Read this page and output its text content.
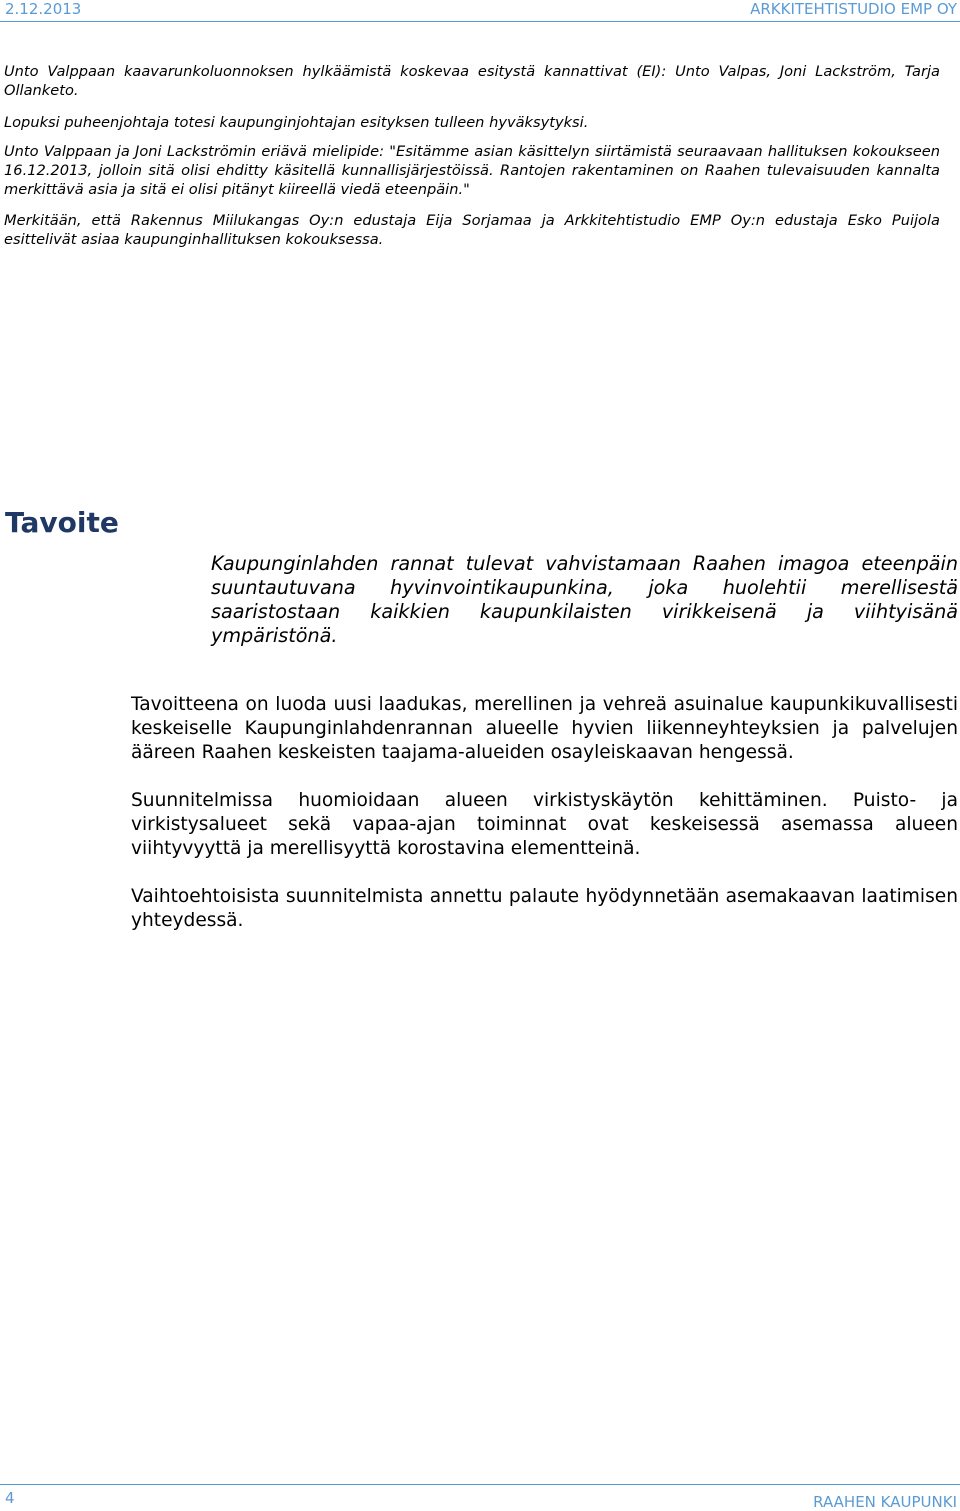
2.12.2013	ARKKITEHTISTUDIO EMP OY

Unto Valppaan kaavarunkoluonnoksen hylkäämistä koskevaa esitystä kannattivat (EI): Unto Valpas, Joni Lackström, Tarja Ollanketo.

Lopuksi puheenjohtaja totesi kaupunginjohtajan esityksen tulleen hyväksytyksi.

Unto Valppaan ja Joni Lackströmin eriävä mielipide: "Esitämme asian käsittelyn siirtämistä seuraavaan hallituksen kokoukseen 16.12.2013, jolloin sitä olisi ehditty käsitellä kunnallisjärjestöissä. Rantojen rakentaminen on Raahen tulevaisuuden kannalta merkittävä asia ja sitä ei olisi pitänyt kiireellä viedä eteenpäin."

Merkitään, että Rakennus Miilukangas Oy:n edustaja Eija Sorjamaa ja Arkkitehtistudio EMP Oy:n edustaja Esko Puijola esittelivät asiaa kaupunginhallituksen kokouksessa.

Tavoite

Kaupunginlahden rannat tulevat vahvistamaan Raahen imagoa eteenpäin suuntautuvana hyvinvointikaupunkina, joka huolehtii merellisestä saaristostaan kaikkien kaupunkilaisten virikkeisenä ja viihtyisänä ympäristönä.

Tavoitteena on luoda uusi laadukas, merellinen ja vehreä asuinalue kaupunkikuvallisesti keskeiselle Kaupunginlahdenrannan alueelle hyvien liikenneyhteyksien ja palvelujen ääreen Raahen keskeisten taajama-alueiden osayleiskaavan hengessä.

Suunnitelmissa huomioidaan alueen virkistyskäytön kehittäminen. Puisto- ja virkistysalueet sekä vapaa-ajan toiminnat ovat keskeisessä asemassa alueen viihtyvyyttä ja merellisyyttä korostavina elementteinä.

Vaihtoehtoisista suunnitelmista annettu palaute hyödynnetään asemakaavan laatimisen yhteydessä.

4	RAAHEN KAUPUNKI
